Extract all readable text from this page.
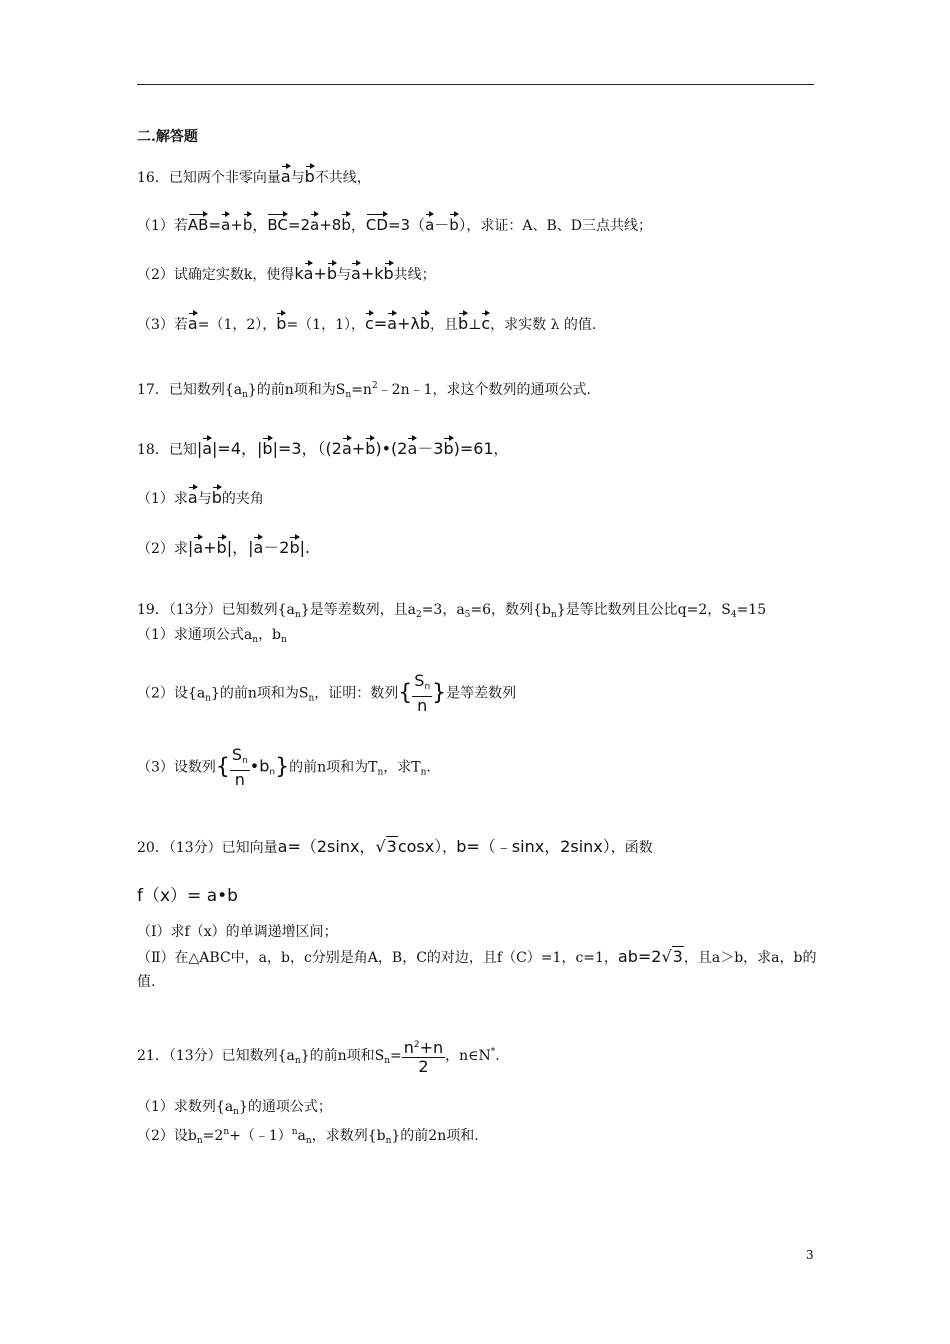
二.解答题
16．已知两个非零向量a与b不共线，
（1）若AB=a+b，BC=2a+8b，CD=3（a－b），求证：A、B、D三点共线；
（2）试确定实数k，使得ka+b与a+kb共线；
（3）若a=（1，2），b=（1，1），c=a+λb，且b⊥c，求实数 λ 的值.
17．已知数列$\{a_n\}$的前n项和为$S_n=n^2﹣2n﹣1$，求这个数列的通项公式.
18．已知|a|=4，|b|=3，（(2a+b)•(2a－3b)=61，
（1）求a与b的夹角
（2）求|a+b|，|a－2b|.
19．（13分）已知数列$\{a_n\}$是等差数列，且$a_2=3$，$a_5=6$，数列$\{b_n\}$是等比数列且公比q=2，$S_4=15$
（1）求通项公式$a_n$，$b_n$
（2）设$\{a_n\}$的前n项和为$S_n$，证明：数列{ $\frac{S_n}{n}$ }是等差数列
（3）设数列{ $\frac{S_n}{n}$ $•b_n$}的前n项和为$T_n$，求$T_n$.
20．（13分）已知向量a=（2sinx，√3cosx），b=（﹣sinx，2sinx），函数
f（x）= a•b
（Ⅰ）求f（x）的单调递增区间；
（Ⅱ）在△ABC中，a，b，c分别是角A，B，C的对边，且f（C）=1，c=1，ab=2√3，且a＞b，求a，b的
值.
21．（13分）已知数列$\{a_n\}$的前n项和$S_n= \frac{n^2+n}{2}$ ，n∈N*.
（1）求数列$\{a_n\}$的通项公式；
（2）设$b_n=2^n+(﹣1)^na_n$，求数列$\{b_n\}$的前2n项和.
3
